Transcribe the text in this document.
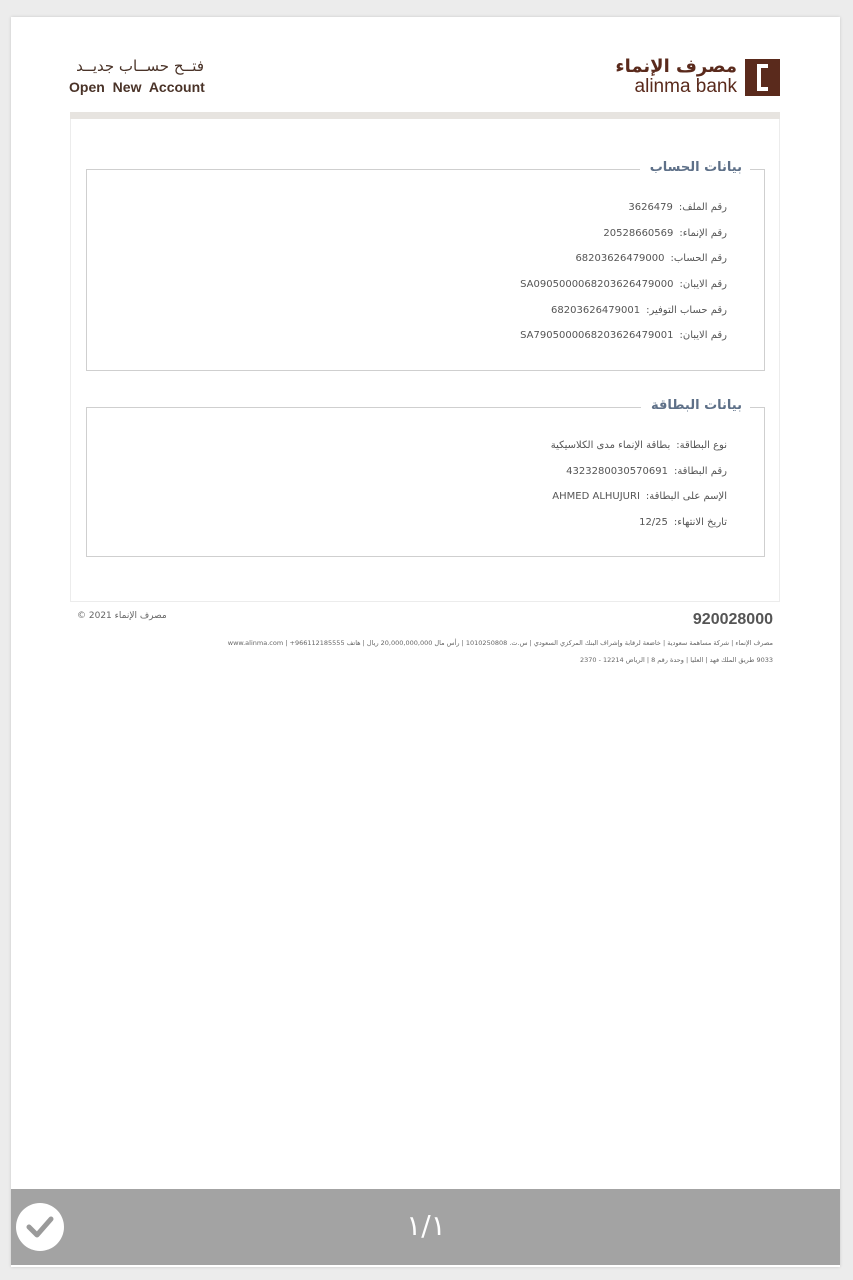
فتــح حســاب جديــد
Open New Account
مصرف الإنماء
alinma bank
بيانات الحساب
رقم الملف:3626479
رقم الإنماء:20528660569
رقم الحساب:68203626479000
رقم الايبان:SA0905000068203626479000
رقم حساب التوفير:68203626479001
رقم الايبان:SA7905000068203626479001
بيانات البطاقة
نوع البطاقة:بطاقة الإنماء مدى الكلاسيكية
رقم البطاقة:4323280030570691
الإسم على البطاقة:AHMED ALHUJURI
تاريخ الانتهاء:12/25
مصرف الإنماء 2021 ©	920028000
مصرف الإنماء | شركة مساهمة سعودية | خاضعة لرقابة وإشراف البنك المركزي السعودي | س.ت. 1010250808 | رأس مال 20,000,000,000 ريال | هاتف 966112185555+ | www.alinma.com
9033 طريق الملك فهد | العليا | وحدة رقم 8 | الرياض 12214 - 2370
١/١
